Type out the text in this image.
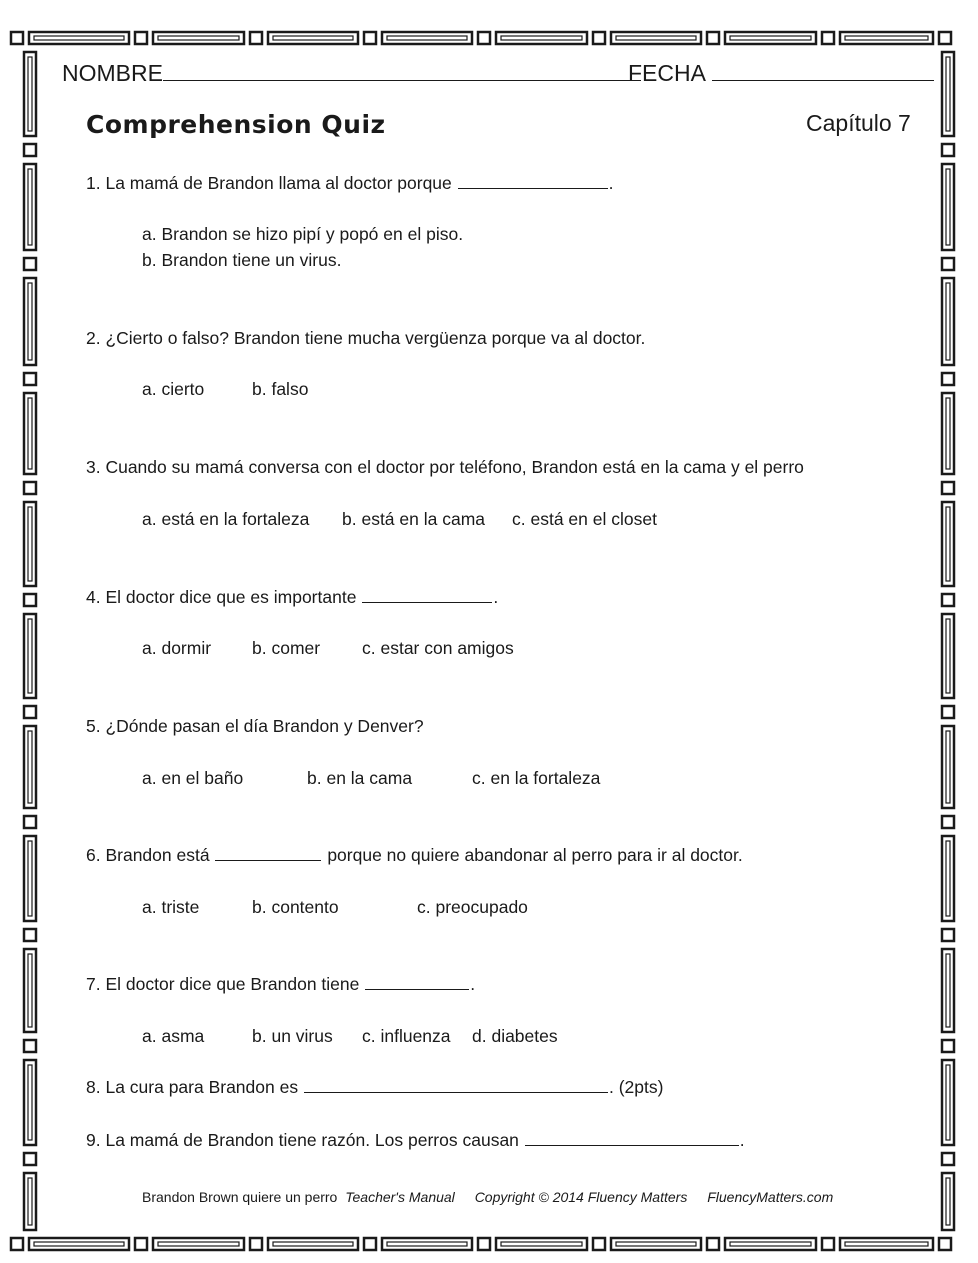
NOMBRE	FECHA
Comprehension Quiz	Capítulo 7
1. La mamá de Brandon llama al doctor porque	.
a. Brandon se hizo pipí y popó en el piso.
b. Brandon tiene un virus.
2. ¿Cierto o falso? Brandon tiene mucha vergüenza porque va al doctor.
a. cierto	b. falso
3. Cuando su mamá conversa con el doctor por teléfono, Brandon está en la cama y el perro
a. está en la fortaleza b. está en la cama c. está en el closet
4. El doctor dice que es importante	.
a. dormir b. comer c. estar con amigos
5. ¿Dónde pasan el día Brandon y Denver?
a. en el baño	b. en la cama	c. en la fortaleza
6. Brandon está	porque no quiere abandonar al perro para ir al doctor.
a. triste	b. contento	c. preocupado
7. El doctor dice que Brandon tiene	.
a. asma	b. un virus c. influenza d. diabetes
8. La cura para Brandon es	. (2pts)
9. La mamá de Brandon tiene razón. Los perros causan	.
Brandon Brown quiere un perro Teacher's Manual Copyright © 2014 Fluency Matters FluencyMatters.com
